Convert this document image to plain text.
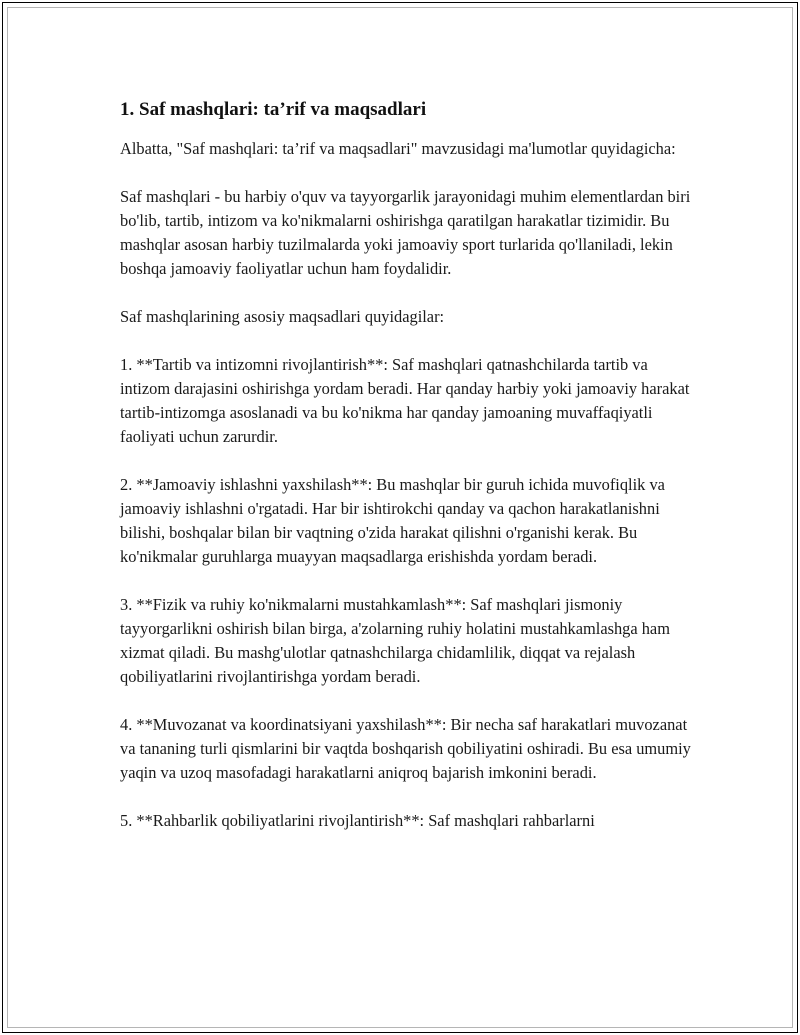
1. Saf mashqlari: ta’rif va maqsadlari

Albatta, "Saf mashqlari: ta’rif va maqsadlari" mavzusidagi ma'lumotlar quyidagicha:

Saf mashqlari - bu harbiy o'quv va tayyorgarlik jarayonidagi muhim elementlardan biri bo'lib, tartib, intizom va ko'nikmalarni oshirishga qaratilgan harakatlar tizimidir. Bu mashqlar asosan harbiy tuzilmalarda yoki jamoaviy sport turlarida qo'llaniladi, lekin boshqa jamoaviy faoliyatlar uchun ham foydalidir.

Saf mashqlarining asosiy maqsadlari quyidagilar:

1. **Tartib va intizomni rivojlantirish**: Saf mashqlari qatnashchilarda tartib va intizom darajasini oshirishga yordam beradi. Har qanday harbiy yoki jamoaviy harakat tartib-intizomga asoslanadi va bu ko'nikma har qanday jamoaning muvaffaqiyatli faoliyati uchun zarurdir.

2. **Jamoaviy ishlashni yaxshilash**: Bu mashqlar bir guruh ichida muvofiqlik va jamoaviy ishlashni o'rgatadi. Har bir ishtirokchi qanday va qachon harakatlanishni bilishi, boshqalar bilan bir vaqtning o'zida harakat qilishni o'rganishi kerak. Bu ko'nikmalar guruhlarga muayyan maqsadlarga erishishda yordam beradi.

3. **Fizik va ruhiy ko'nikmalarni mustahkamlash**: Saf mashqlari jismoniy tayyorgarlikni oshirish bilan birga, a'zolarning ruhiy holatini mustahkamlashga ham xizmat qiladi. Bu mashg'ulotlar qatnashchilarga chidamlilik, diqqat va rejalash qobiliyatlarini rivojlantirishga yordam beradi.

4. **Muvozanat va koordinatsiyani yaxshilash**: Bir necha saf harakatlari muvozanat va tananing turli qismlarini bir vaqtda boshqarish qobiliyatini oshiradi. Bu esa umumiy yaqin va uzoq masofadagi harakatlarni aniqroq bajarish imkonini beradi.

5. **Rahbarlik qobiliyatlarini rivojlantirish**: Saf mashqlari rahbarlarni
